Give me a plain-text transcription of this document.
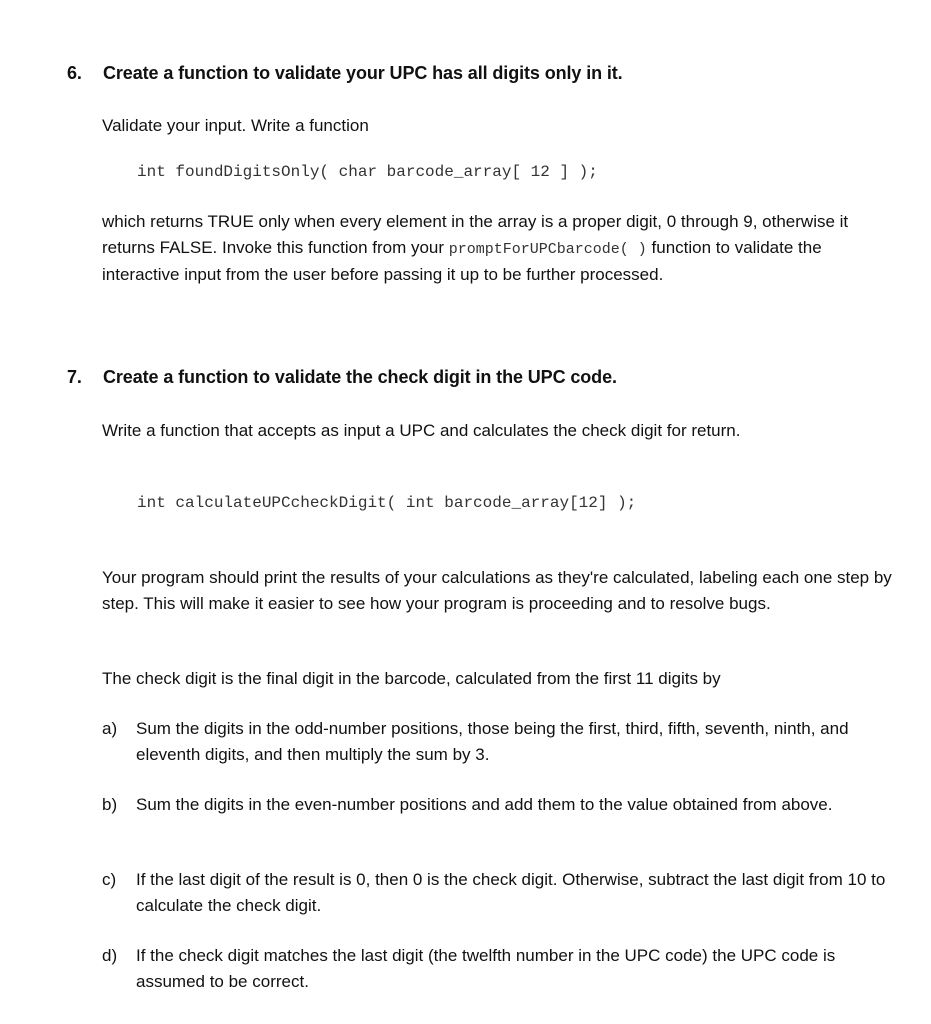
6. Create a function to validate your UPC has all digits only in it.
Validate your input. Write a function
int foundDigitsOnly( char barcode_array[ 12 ] );
which returns TRUE only when every element in the array is a proper digit, 0 through 9, otherwise it returns FALSE. Invoke this function from your promptForUPCbarcode( ) function to validate the interactive input from the user before passing it up to be further processed.
7. Create a function to validate the check digit in the UPC code.
Write a function that accepts as input a UPC and calculates the check digit for return.
int calculateUPCcheckDigit( int barcode_array[12] );
Your program should print the results of your calculations as they're calculated, labeling each one step by step. This will make it easier to see how your program is proceeding and to resolve bugs.
The check digit is the final digit in the barcode, calculated from the first 11 digits by
a) Sum the digits in the odd-number positions, those being the first, third, fifth, seventh, ninth, and eleventh digits, and then multiply the sum by 3.
b) Sum the digits in the even-number positions and add them to the value obtained from above.
c) If the last digit of the result is 0, then 0 is the check digit. Otherwise, subtract the last digit from 10 to calculate the check digit.
d) If the check digit matches the last digit (the twelfth number in the UPC code) the UPC code is assumed to be correct.
